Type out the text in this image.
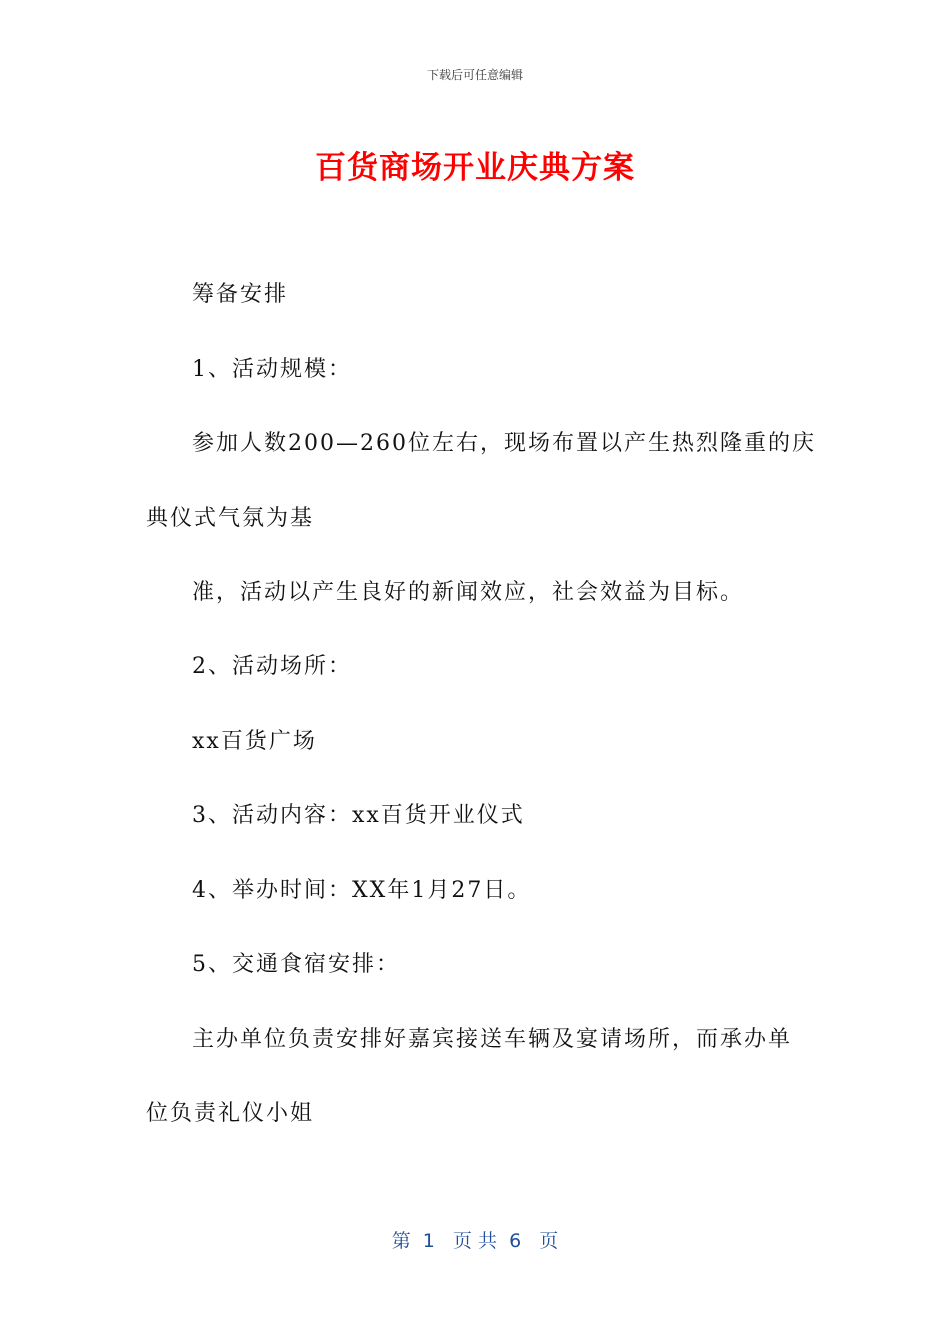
下载后可任意编辑
百货商场开业庆典方案
筹备安排
1、活动规模：
参加人数200—260位左右，现场布置以产生热烈隆重的庆
典仪式气氛为基
准，活动以产生良好的新闻效应，社会效益为目标。
2、活动场所：
xx百货广场
3、活动内容：xx百货开业仪式
4、举办时间：XX年1月27日。
5、交通食宿安排：
主办单位负责安排好嘉宾接送车辆及宴请场所，而承办单
位负责礼仪小姐
第  1   页 共  6   页
